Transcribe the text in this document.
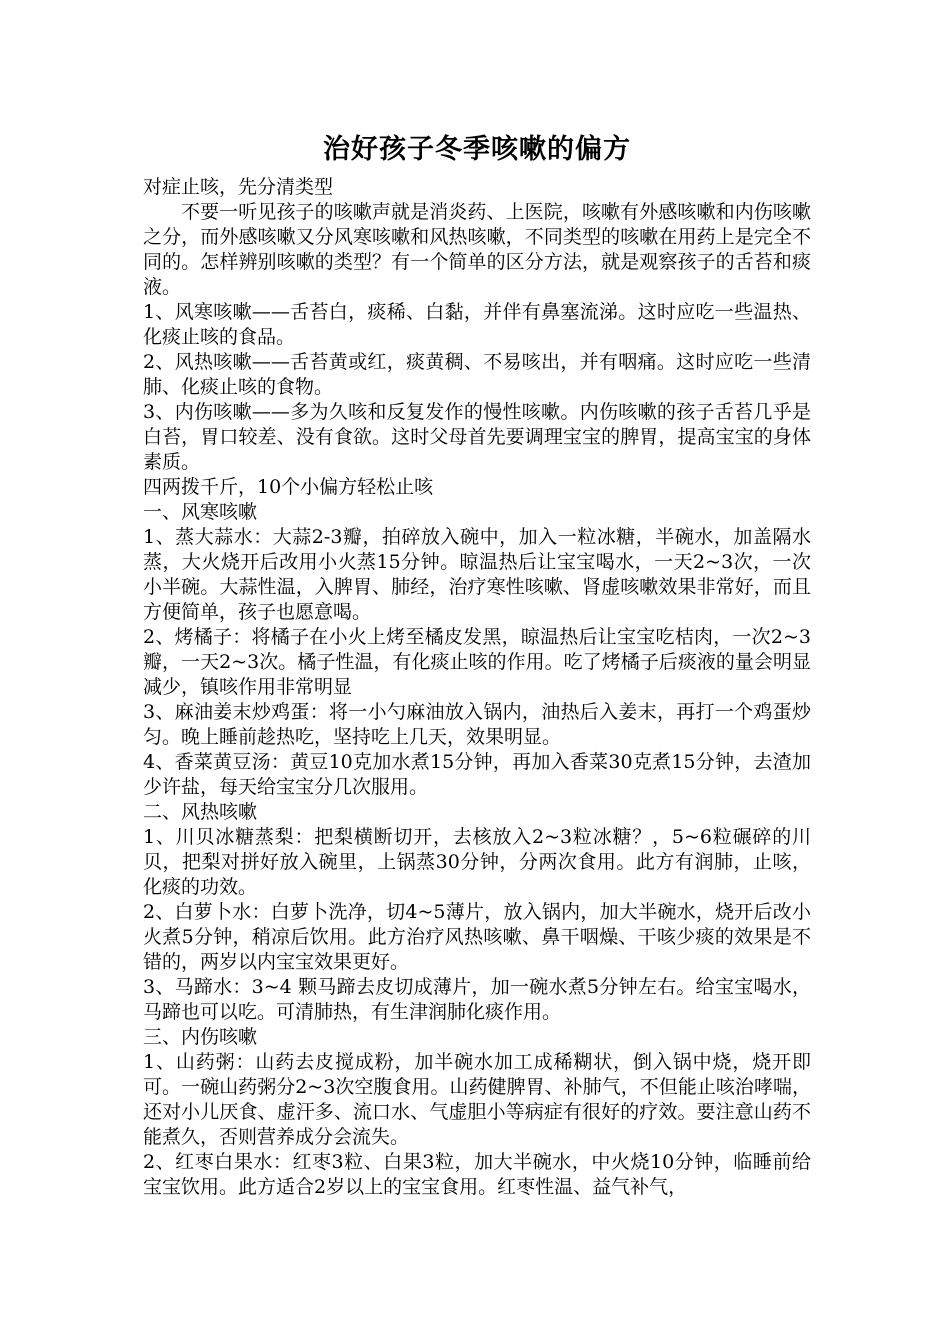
治好孩子冬季咳嗽的偏方

对症止咳，先分清类型

不要一听见孩子的咳嗽声就是消炎药、上医院，咳嗽有外感咳嗽和内伤咳嗽之分，而外感咳嗽又分风寒咳嗽和风热咳嗽，不同类型的咳嗽在用药上是完全不同的。怎样辨别咳嗽的类型？有一个简单的区分方法，就是观察孩子的舌苔和痰液。

1、风寒咳嗽——舌苔白，痰稀、白黏，并伴有鼻塞流涕。这时应吃一些温热、化痰止咳的食品。

2、风热咳嗽——舌苔黄或红，痰黄稠、不易咳出，并有咽痛。这时应吃一些清肺、化痰止咳的食物。

3、内伤咳嗽——多为久咳和反复发作的慢性咳嗽。内伤咳嗽的孩子舌苔几乎是白苔，胃口较差、没有食欲。这时父母首先要调理宝宝的脾胃，提高宝宝的身体素质。

四两拨千斤，10个小偏方轻松止咳

一、风寒咳嗽

1、蒸大蒜水：大蒜2-3瓣，拍碎放入碗中，加入一粒冰糖，半碗水，加盖隔水蒸，大火烧开后改用小火蒸15分钟。晾温热后让宝宝喝水，一天2~3次，一次小半碗。大蒜性温，入脾胃、肺经，治疗寒性咳嗽、肾虚咳嗽效果非常好，而且方便简单，孩子也愿意喝。

2、烤橘子：将橘子在小火上烤至橘皮发黑，晾温热后让宝宝吃桔肉，一次2~3瓣，一天2~3次。橘子性温，有化痰止咳的作用。吃了烤橘子后痰液的量会明显减少，镇咳作用非常明显

3、麻油姜末炒鸡蛋：将一小勺麻油放入锅内，油热后入姜末，再打一个鸡蛋炒匀。晚上睡前趁热吃，坚持吃上几天，效果明显。

4、香菜黄豆汤：黄豆10克加水煮15分钟，再加入香菜30克煮15分钟，去渣加少许盐，每天给宝宝分几次服用。

二、风热咳嗽

1、川贝冰糖蒸梨：把梨横断切开，去核放入2~3粒冰糖？，5~6粒碾碎的川贝，把梨对拼好放入碗里，上锅蒸30分钟，分两次食用。此方有润肺，止咳，化痰的功效。

2、白萝卜水：白萝卜洗净，切4~5薄片，放入锅内，加大半碗水，烧开后改小火煮5分钟，稍凉后饮用。此方治疗风热咳嗽、鼻干咽燥、干咳少痰的效果是不错的，两岁以内宝宝效果更好。

3、马蹄水：3~4 颗马蹄去皮切成薄片，加一碗水煮5分钟左右。给宝宝喝水，马蹄也可以吃。可清肺热，有生津润肺化痰作用。

三、内伤咳嗽

1、山药粥：山药去皮搅成粉，加半碗水加工成稀糊状，倒入锅中烧，烧开即可。一碗山药粥分2~3次空腹食用。山药健脾胃、补肺气，不但能止咳治哮喘，还对小儿厌食、虚汗多、流口水、气虚胆小等病症有很好的疗效。要注意山药不能煮久，否则营养成分会流失。

2、红枣白果水：红枣3粒、白果3粒，加大半碗水，中火烧10分钟，临睡前给宝宝饮用。此方适合2岁以上的宝宝食用。红枣性温、益气补气，
